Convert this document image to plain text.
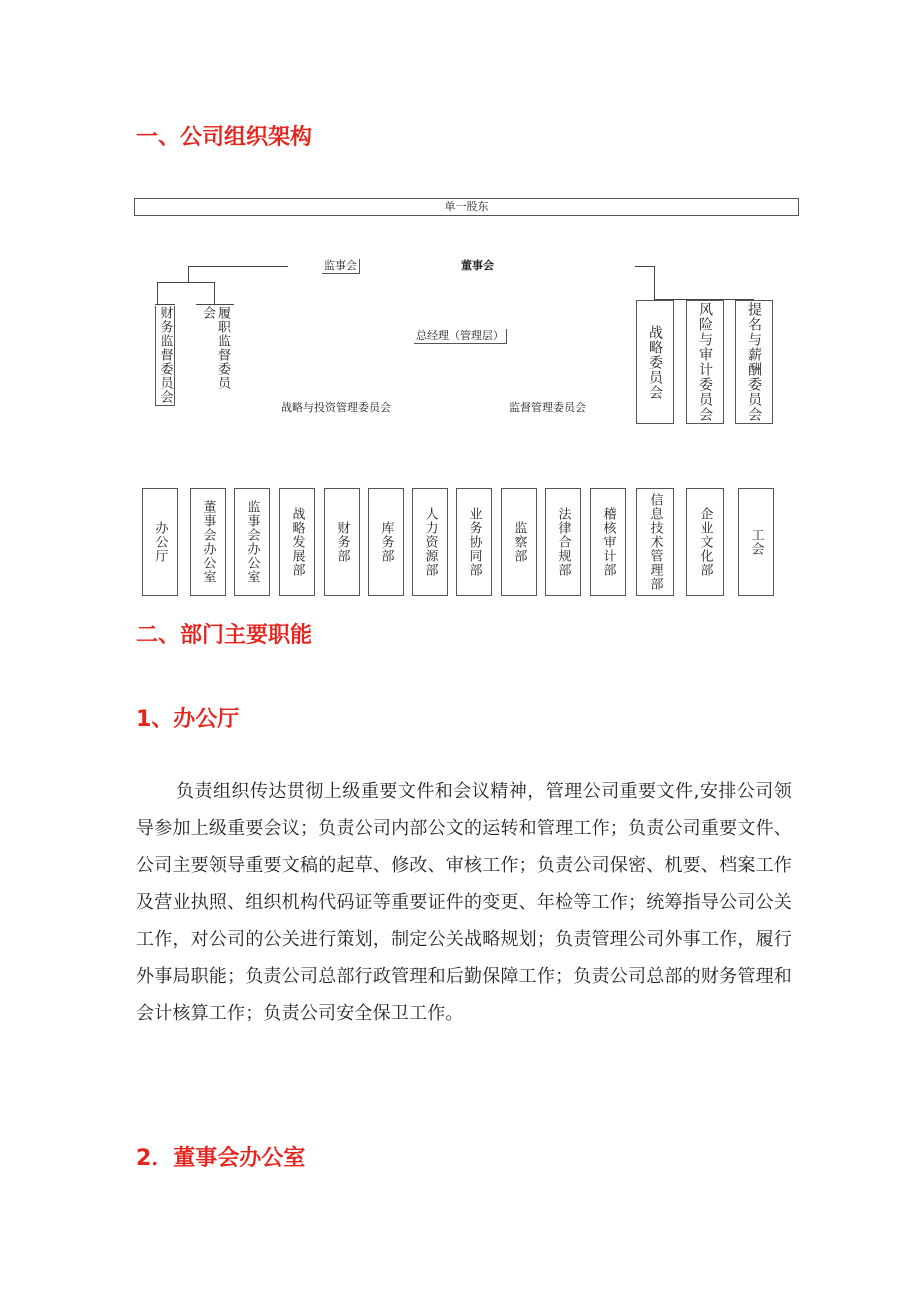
一、公司组织架构
单一股东
财务监督委员会	履职监督委员会
监事会	董事会
总经理（管理层）
战略与投资管理委员会	监督管理委员会
战略委员会 风险与审计委员会 提名与薪酬委员会
办公厅	董事会办公室 监事会办公室 战略发展部 财务部 库务部 人力资源部 业务协同部 监察部 法律合规部 稽核审计部 信息技术管理部	企业文化部	工会
二、部门主要职能
1、办公厅

负责组织传达贯彻上级重要文件和会议精神，管理公司重要文件,安排公司领导参加上级重要会议；负责公司内部公文的运转和管理工作；负责公司重要文件、公司主要领导重要文稿的起草、修改、审核工作；负责公司保密、机要、档案工作及营业执照、组织机构代码证等重要证件的变更、年检等工作；统筹指导公司公关工作，对公司的公关进行策划，制定公关战略规划；负责管理公司外事工作，履行外事局职能；负责公司总部行政管理和后勤保障工作；负责公司总部的财务管理和会计核算工作；负责公司安全保卫工作。

2．董事会办公室
